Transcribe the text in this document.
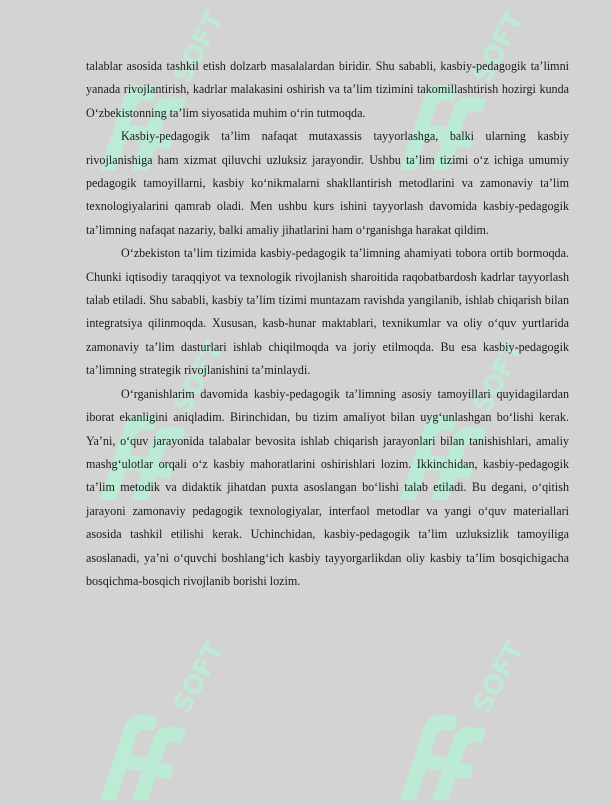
SOFT	SOFT
SOFT	SOFT
SOFT	SOFT

talablar asosida tashkil etish dolzarb masalalardan biridir. Shu sababli, kasbiy-pedagogik ta’limni yanada rivojlantirish, kadrlar malakasini oshirish va ta’lim tizimini takomillashtirish hozirgi kunda O‘zbekistonning ta’lim siyosatida muhim o‘rin tutmoqda.

Kasbiy-pedagogik ta’lim nafaqat mutaxassis tayyorlashga, balki ularning kasbiy rivojlanishiga ham xizmat qiluvchi uzluksiz jarayondir. Ushbu ta’lim tizimi o‘z ichiga umumiy pedagogik tamoyillarni, kasbiy ko‘nikmalarni shakllantirish metodlarini va zamonaviy ta’lim texnologiyalarini qamrab oladi. Men ushbu kurs ishini tayyorlash davomida kasbiy-pedagogik ta’limning nafaqat nazariy, balki amaliy jihatlarini ham o‘rganishga harakat qildim.

O‘zbekiston ta’lim tizimida kasbiy-pedagogik ta’limning ahamiyati tobora ortib bormoqda. Chunki iqtisodiy taraqqiyot va texnologik rivojlanish sharoitida raqobatbardosh kadrlar tayyorlash talab etiladi. Shu sababli, kasbiy ta’lim tizimi muntazam ravishda yangilanib, ishlab chiqarish bilan integratsiya qilinmoqda. Xususan, kasb-hunar maktablari, texnikumlar va oliy o‘quv yurtlarida zamonaviy ta’lim dasturlari ishlab chiqilmoqda va joriy etilmoqda. Bu esa kasbiy-pedagogik ta’limning strategik rivojlanishini ta’minlaydi.

O‘rganishlarim davomida kasbiy-pedagogik ta’limning asosiy tamoyillari quyidagilardan iborat ekanligini aniqladim. Birinchidan, bu tizim amaliyot bilan uyg‘unlashgan bo‘lishi kerak. Ya’ni, o‘quv jarayonida talabalar bevosita ishlab chiqarish jarayonlari bilan tanishishlari, amaliy mashg‘ulotlar orqali o‘z kasbiy mahoratlarini oshirishlari lozim. Ikkinchidan, kasbiy-pedagogik ta’lim metodik va didaktik jihatdan puxta asoslangan bo‘lishi talab etiladi. Bu degani, o‘qitish jarayoni zamonaviy pedagogik texnologiyalar, interfaol metodlar va yangi o‘quv materiallari asosida tashkil etilishi kerak. Uchinchidan, kasbiy-pedagogik ta’lim uzluksizlik tamoyiliga asoslanadi, ya’ni o‘quvchi boshlang‘ich kasbiy tayyorgarlikdan oliy kasbiy ta’lim bosqichigacha bosqichma-bosqich rivojlanib borishi lozim.
